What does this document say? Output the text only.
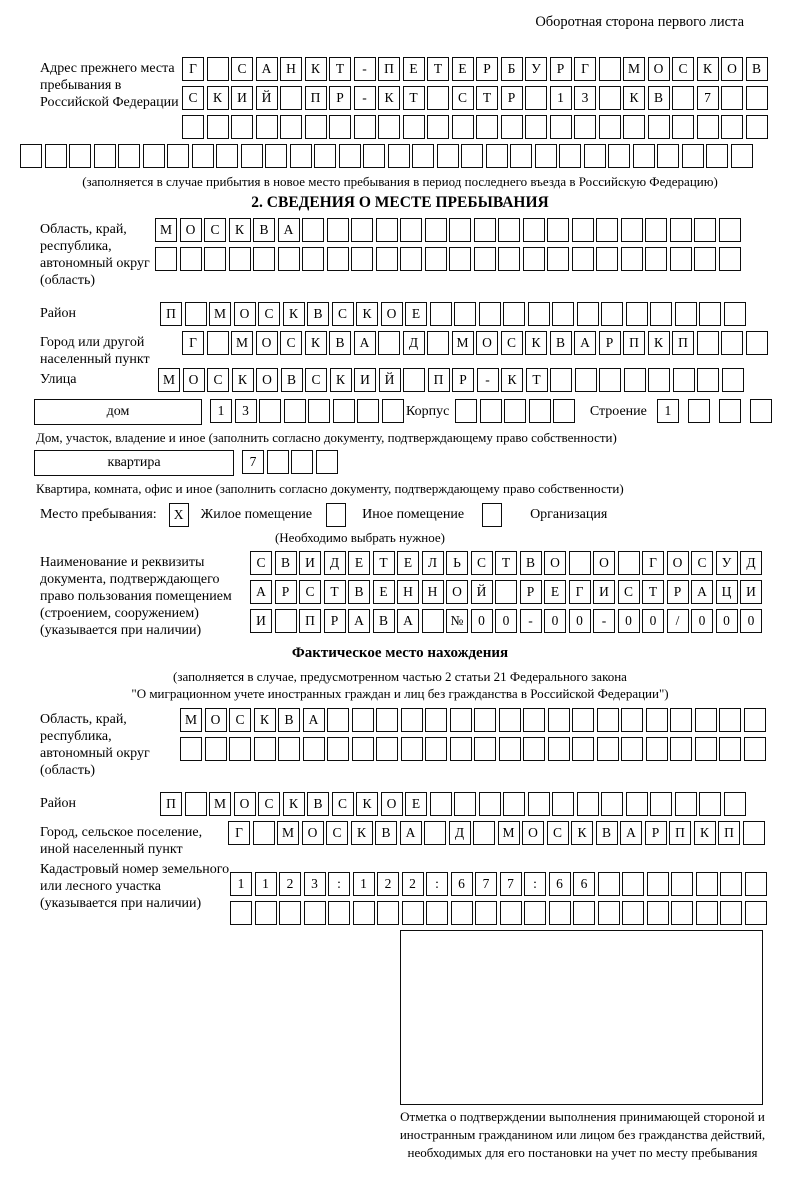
Оборотная сторона первого листа
Адрес прежнего места пребывания в Российской Федерации
Г	С А Н К Т - П Е Т Е Р Б У Р Г	М О С К О В
С К И Й	П Р - К Т	С Т Р	1 3	К В	7
(заполняется в случае прибытия в новое место пребывания в период последнего въезда в Российскую Федерацию)
2. СВЕДЕНИЯ О МЕСТЕ ПРЕБЫВАНИЯ
Область, край, республика, автономный округ (область)
М О С К В А
Район	П	М О С К В С К О Е
Город или другой населенный пункт
Г	М О С К В А	Д	М О С К В А Р П К П
Улица	М О С К О В С К И Й	П Р - К Т
дом	1 3	Корпус	Строение 1
Дом, участок, владение и иное (заполнить согласно документу, подтверждающему право собственности)
квартира	7
Квартира, комната, офис и иное (заполнить согласно документу, подтверждающему право собственности)
Место пребывания:	X	Жилое помещение	Иное помещение	Организация
(Необходимо выбрать нужное)
Наименование и реквизиты документа, подтверждающего право пользования помещением (строением, сооружением) (указывается при наличии)
С В И Д Е Т Е Л Ь С Т В О	О	Г О С У Д
А Р С Т В Е Н Н О Й	Р Е Г И С Т Р А Ц И
И	П Р А В А	№ 0 0 - 0 0 - 0 0 / 0 0 0
Фактическое место нахождения
(заполняется в случае, предусмотренном частью 2 статьи 21 Федерального закона
"О миграционном учете иностранных граждан и лиц без гражданства в Российской Федерации")
Область, край, республика, автономный округ (область)
М О С К В А
Район	П	М О С К В С К О Е
Город, сельское поселение, иной населенный пункт
Г	М О С К В А	Д	М О С К В А Р П К П
Кадастровый номер земельного или лесного участка (указывается при наличии)
1 1 2 3 : 1 2 2 : 6 7 7 : 6 6
Отметка о подтверждении выполнения принимающей стороной и иностранным гражданином или лицом без гражданства действий, необходимых для его постановки на учет по месту пребывания
